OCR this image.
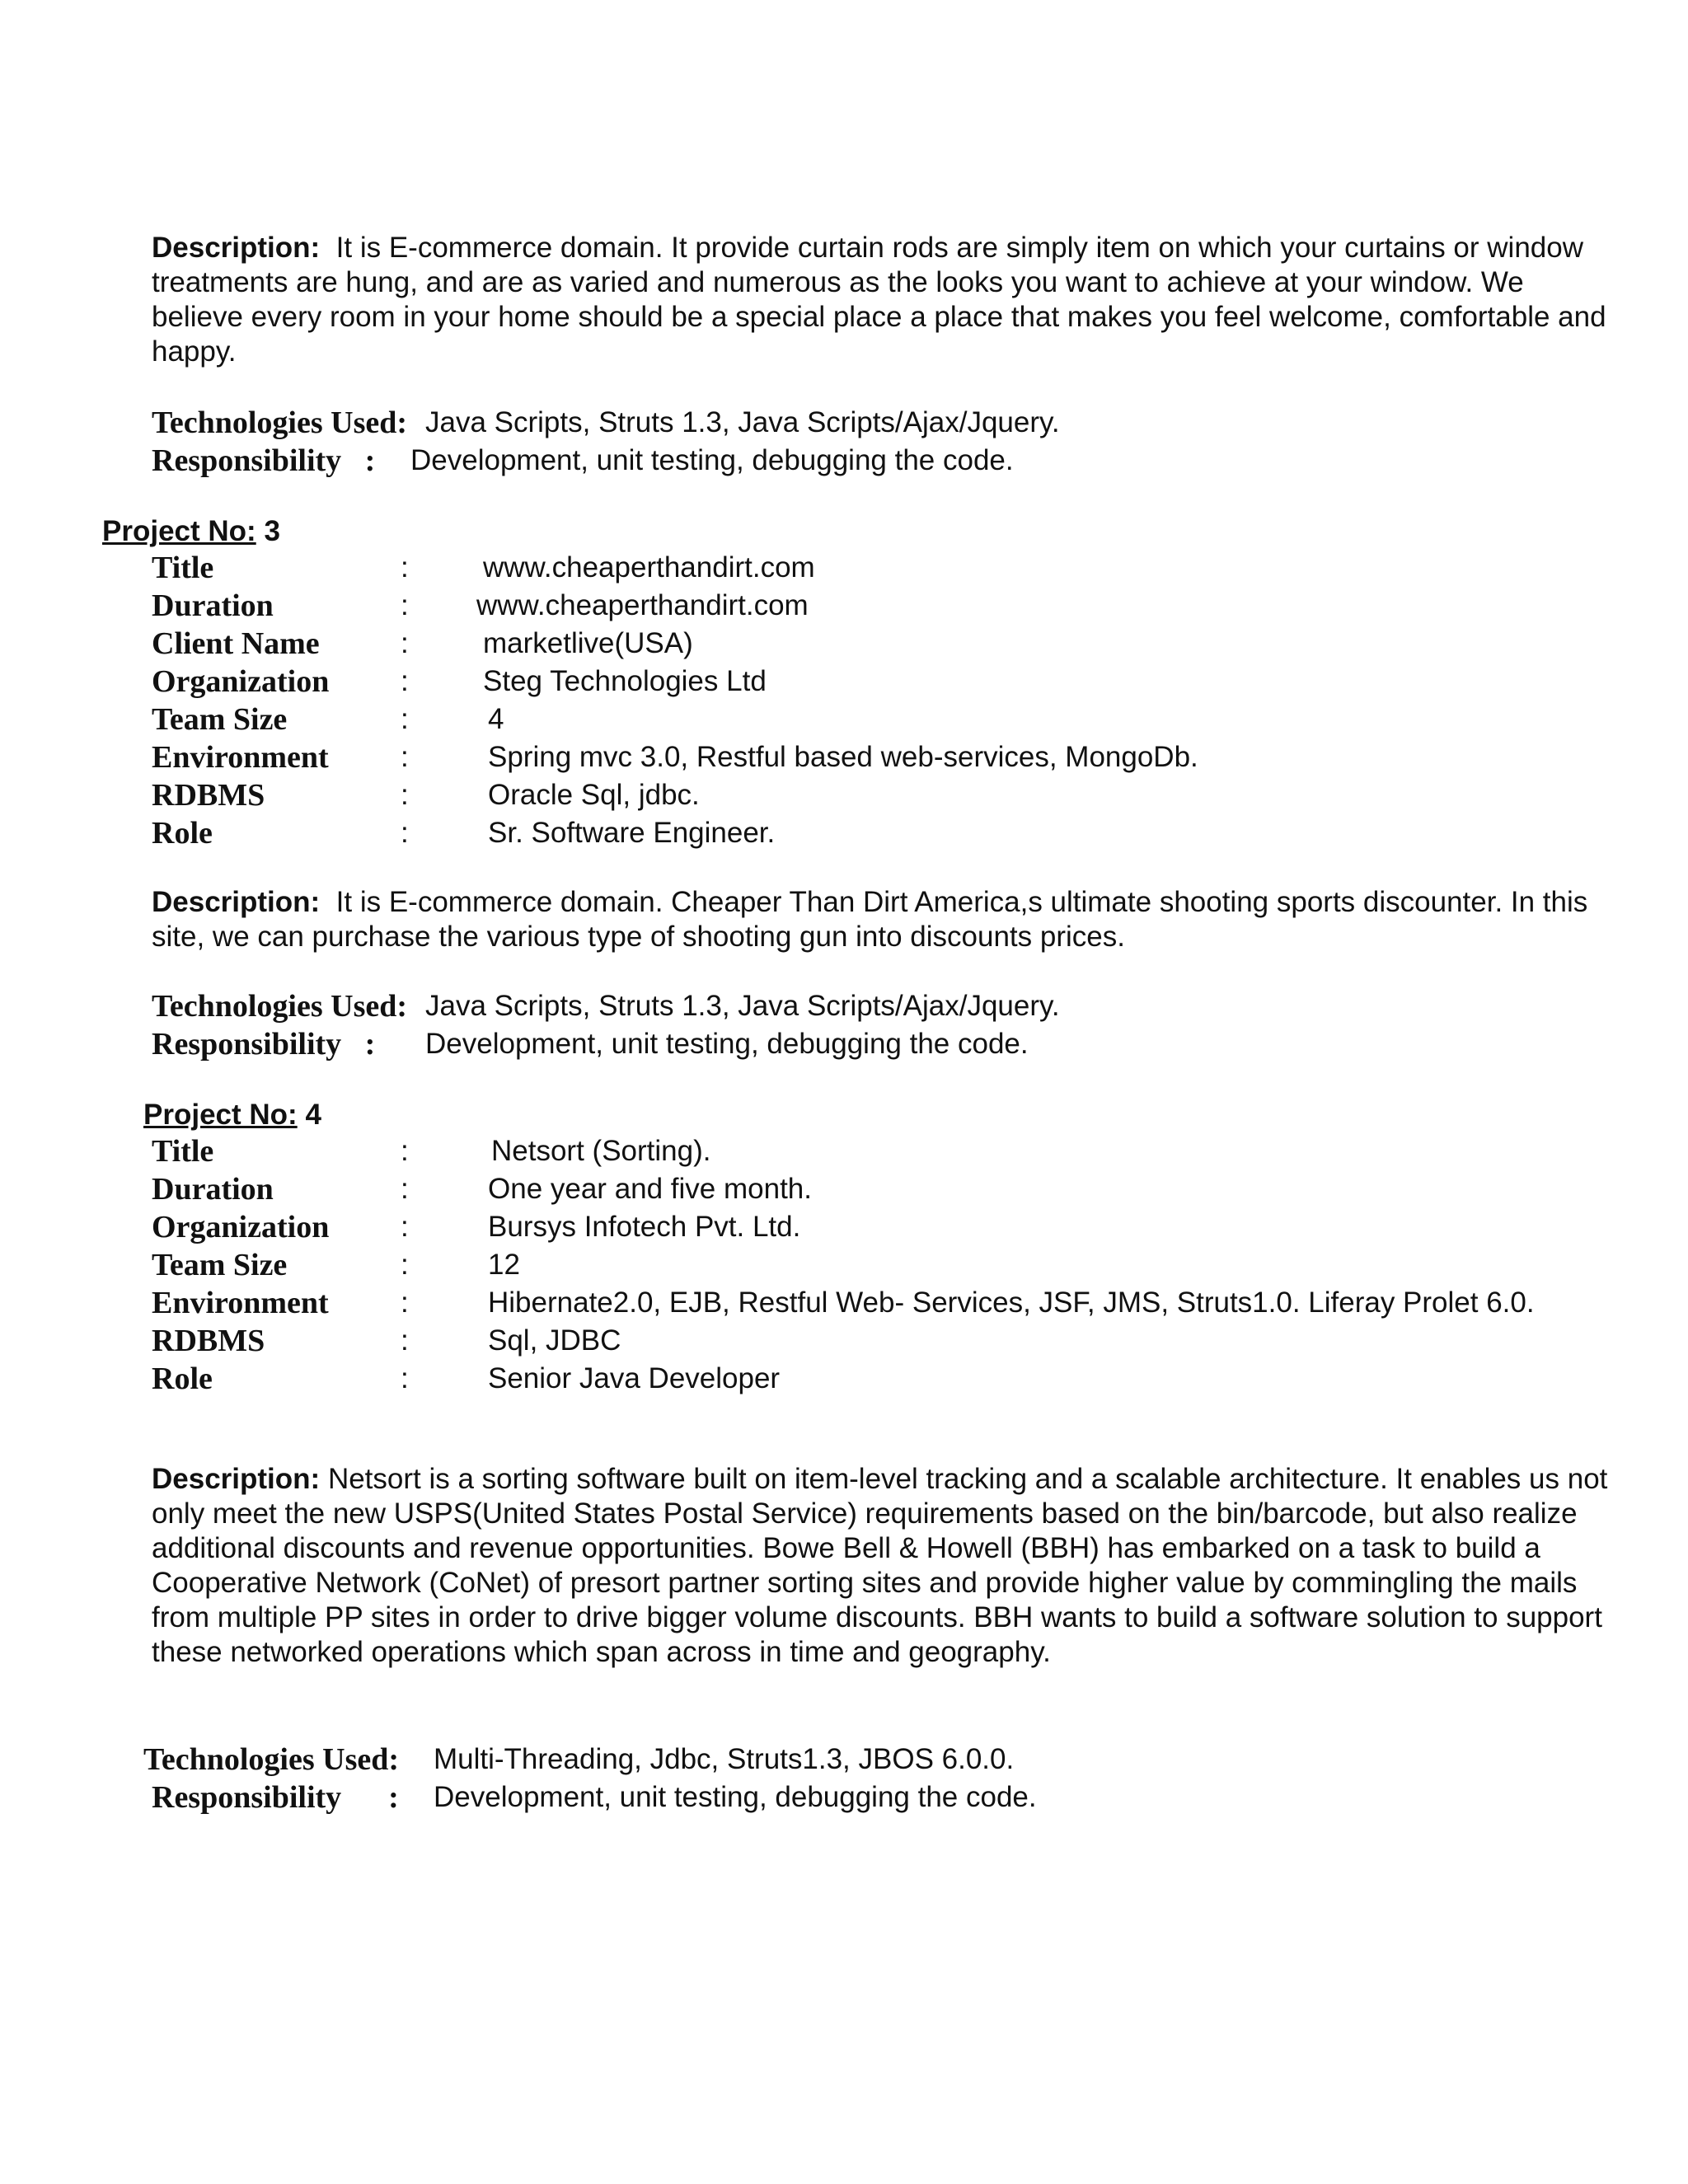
Description: It is E-commerce domain. It provide curtain rods are simply item on which your curtains or window treatments are hung, and are as varied and numerous as the looks you want to achieve at your window. We believe every room in your home should be a special place a place that makes you feel welcome, comfortable and happy.
Technologies Used: Java Scripts, Struts 1.3, Java Scripts/Ajax/Jquery.
Responsibility   : Development, unit testing, debugging the code.
Project No: 3
Title	:	www.cheaperthandirt.com
Duration	: www.cheaperthandirt.com
Client Name	:	marketlive(USA)
Organization :	Steg Technologies Ltd
Team Size	:	4
Environment :	Spring mvc 3.0, Restful based web-services, MongoDb.
RDBMS	:	Oracle Sql, jdbc.
Role	:	Sr. Software Engineer.
Description: It is E-commerce domain. Cheaper Than Dirt America,s ultimate shooting sports discounter. In this site, we can purchase the various type of shooting gun into discounts prices.
Technologies Used: Java Scripts, Struts 1.3, Java Scripts/Ajax/Jquery.
Responsibility   : Development, unit testing, debugging the code.
Project No: 4
Title	:	Netsort (Sorting).
Duration	:	One year and five month.
Organization :	Bursys Infotech Pvt. Ltd.
Team Size	:	12
Environment :	Hibernate2.0, EJB, Restful Web- Services, JSF, JMS, Struts1.0. Liferay Prolet 6.0.
RDBMS	:	Sql, JDBC
Role	:	Senior Java Developer
Description: Netsort is a sorting software built on item-level tracking and a scalable architecture. It enables us not only meet the new USPS(United States Postal Service) requirements based on the bin/barcode, but also realize additional discounts and revenue opportunities. Bowe Bell & Howell (BBH) has embarked on a task to build a Cooperative Network (CoNet) of presort partner sorting sites and provide higher value by commingling the mails from multiple PP sites in order to drive bigger volume discounts. BBH wants to build a software solution to support these networked operations which span across in time and geography.
Technologies Used: Multi-Threading, Jdbc, Struts1.3, JBOS 6.0.0.
Responsibility      : Development, unit testing, debugging the code.
